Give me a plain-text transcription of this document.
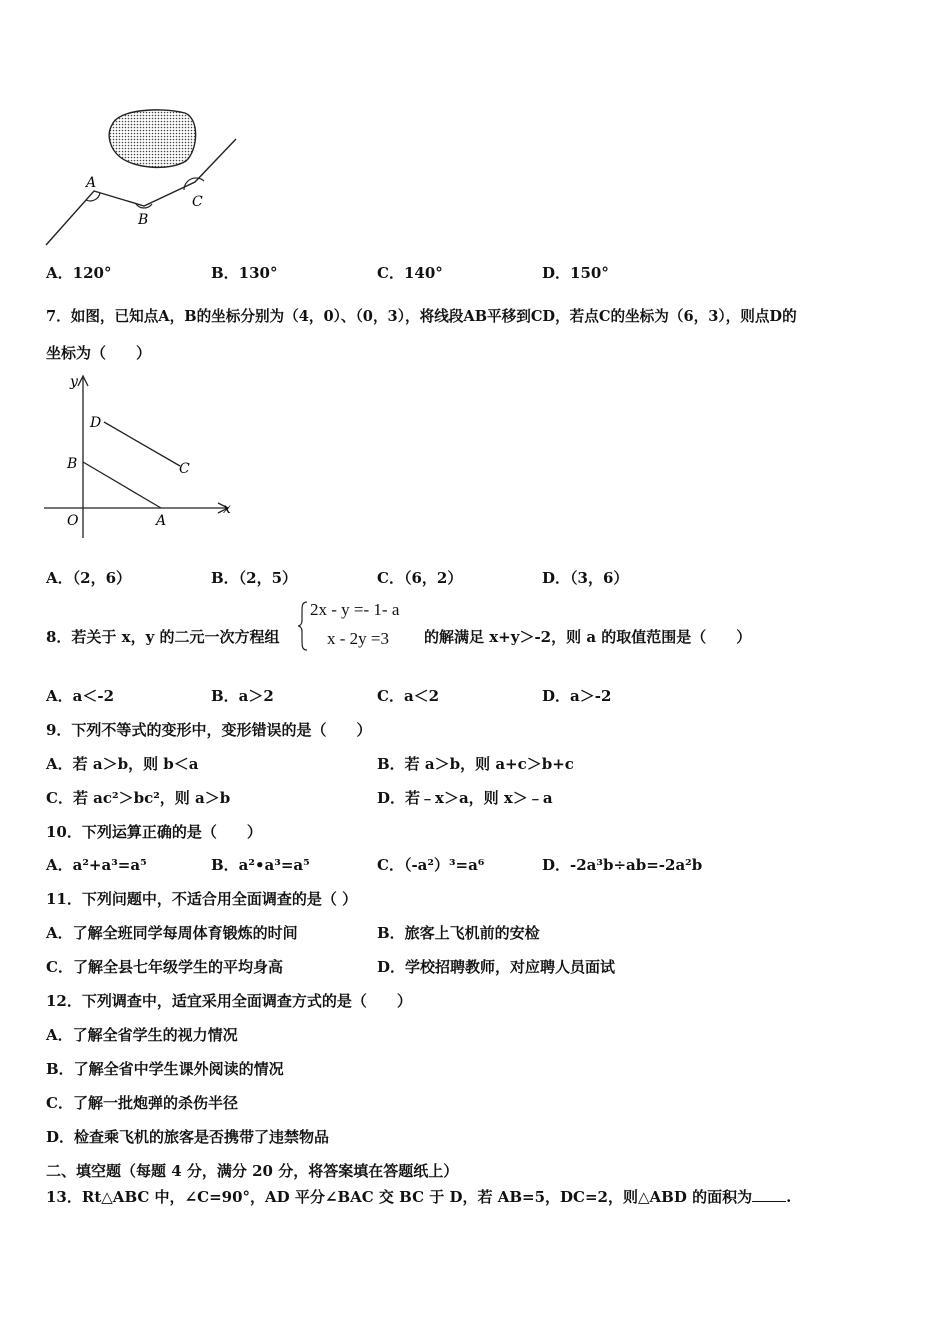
A
B
C
A．120°	B．130°	C．140°	D．150°
7．如图，已知点A，B的坐标分别为（4，0）、（0，3），将线段AB平移到CD，若点C的坐标为（6，3），则点D的
坐标为（　　）
y
x
D
C
B
O	A
A．（2，6）	B．（2，5）	C．（6，2）	D．（3，6）
8．若关于 x，y 的二元一次方程组
2x - y =- 1- a
x - 2y =3 的解满足 x+y＞-2，则 a 的取值范围是（　　）
A．a＜-2	B．a＞2	C．a＜2	D．a＞-2
9．下列不等式的变形中，变形错误的是（　　）
A．若 a＞b，则 b＜a	B．若 a＞b，则 a+c＞b+c
C．若 ac²＞bc²，则 a＞b	D．若﹣x＞a，则 x＞﹣a
10．下列运算正确的是（　　）
A．a²+a³=a⁵	B．a²•a³=a⁵	C．（-a²）³=a⁶	D．-2a³b÷ab=-2a²b
11．下列问题中，不适合用全面调查的是（ ）
A．了解全班同学每周体育锻炼的时间	B．旅客上飞机前的安检
C．了解全县七年级学生的平均身高	D．学校招聘教师，对应聘人员面试
12．下列调查中，适宜采用全面调查方式的是（　　）
A．了解全省学生的视力情况
B．了解全省中学生课外阅读的情况
C．了解一批炮弹的杀伤半径
D．检查乘飞机的旅客是否携带了违禁物品
二、填空题（每题 4 分，满分 20 分，将答案填在答题纸上）
13．Rt△ABC 中，∠C=90°，AD 平分∠BAC 交 BC 于 D，若 AB=5，DC=2，则△ABD 的面积为 .
